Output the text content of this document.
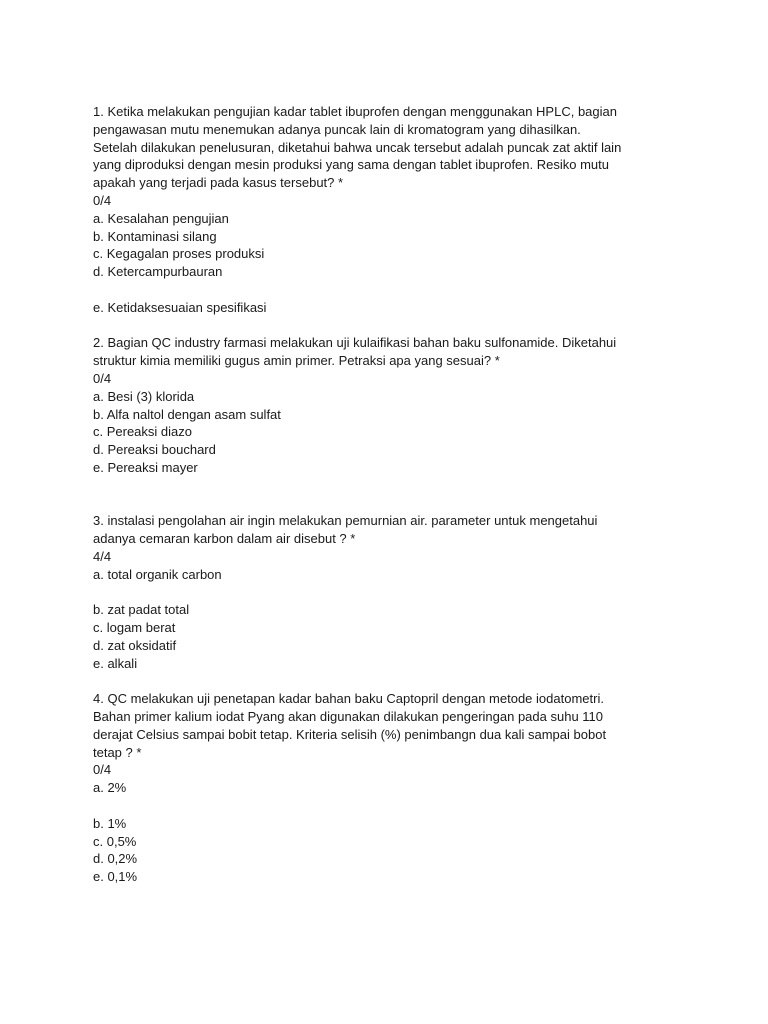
1. Ketika melakukan pengujian kadar tablet ibuprofen dengan menggunakan HPLC, bagian
pengawasan mutu menemukan adanya puncak lain di kromatogram yang dihasilkan.
Setelah dilakukan penelusuran, diketahui bahwa uncak tersebut adalah puncak zat aktif lain
yang diproduksi dengan mesin produksi yang sama dengan tablet ibuprofen. Resiko mutu
apakah yang terjadi pada kasus tersebut? *
0/4
a. Kesalahan pengujian
b. Kontaminasi silang
c. Kegagalan proses produksi
d. Ketercampurbauran
e. Ketidaksesuaian spesifikasi
2. Bagian QC industry farmasi melakukan uji kulaifikasi bahan baku sulfonamide. Diketahui
struktur kimia memiliki gugus amin primer. Petraksi apa yang sesuai? *
0/4
a. Besi (3) klorida
b. Alfa naltol dengan asam sulfat
c. Pereaksi diazo
d. Pereaksi bouchard
e. Pereaksi mayer
3. instalasi pengolahan air ingin melakukan pemurnian air. parameter untuk mengetahui
adanya cemaran karbon dalam air disebut ? *
4/4
a. total organik carbon
b. zat padat total
c. logam berat
d. zat oksidatif
e. alkali
4. QC melakukan uji penetapan kadar bahan baku Captopril dengan metode iodatometri.
Bahan primer kalium iodat Pyang akan digunakan dilakukan pengeringan pada suhu 110
derajat Celsius sampai bobit tetap. Kriteria selisih (%) penimbangn dua kali sampai bobot
tetap ? *
0/4
a. 2%
b. 1%
c. 0,5%
d. 0,2%
e. 0,1%
